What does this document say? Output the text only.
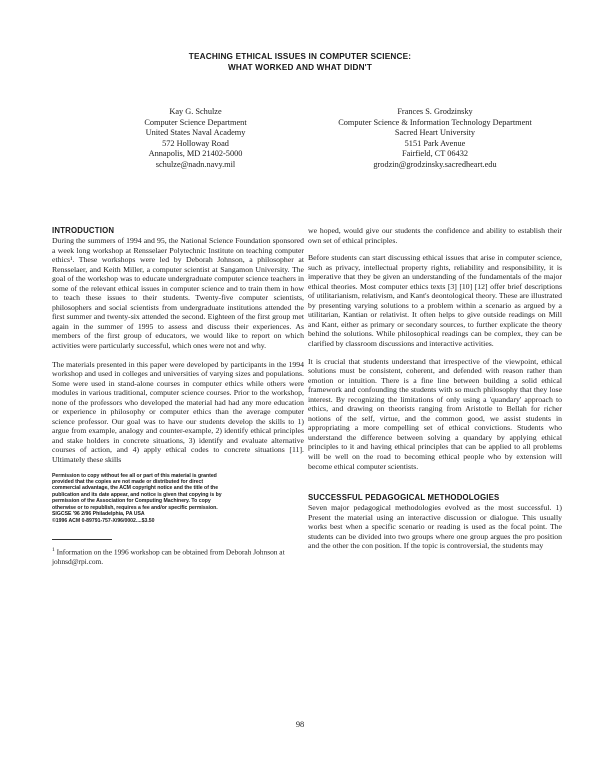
TEACHING ETHICAL ISSUES IN COMPUTER SCIENCE:
WHAT WORKED AND WHAT DIDN'T
Kay G. Schulze
Computer Science Department
United States Naval Academy
572 Holloway Road
Annapolis, MD 21402-5000
schulze@nadn.navy.mil
Frances S. Grodzinsky
Computer Science & Information Technology Department
Sacred Heart University
5151 Park Avenue
Fairfield, CT 06432
grodzin@grodzinsky.sacredheart.edu
INTRODUCTION

During the summers of 1994 and 95, the National Science Foundation sponsored a week long workshop at Rensselaer Polytechnic Institute on teaching computer ethics¹. These workshops were led by Deborah Johnson, a philosopher at Rensselaer, and Keith Miller, a computer scientist at Sangamon University. The goal of the workshop was to educate undergraduate computer science teachers in some of the relevant ethical issues in computer science and to train them in how to teach these issues to their students. Twenty-five computer scientists, philosophers and social scientists from undergraduate institutions attended the first summer and twenty-six attended the second. Eighteen of the first group met again in the summer of 1995 to assess and discuss their experiences. As members of the first group of educators, we would like to report on which activities were particularly successful, which ones were not and why.

The materials presented in this paper were developed by participants in the 1994 workshop and used in colleges and universities of varying sizes and populations. Some were used in stand-alone courses in computer ethics while others were modules in various traditional, computer science courses. Prior to the workshop, none of the professors who developed the material had had any more education or experience in philosophy or computer ethics than the average computer science professor. Our goal was to have our students develop the skills to 1) argue from example, analogy and counter-example, 2) identify ethical principles and stake holders in concrete situations, 3) identify and evaluate alternative courses of action, and 4) apply ethical codes to concrete situations [11]. Ultimately these skills

Permission to copy without fee all or part of this material is granted
provided that the copies are not made or distributed for direct
commercial advantage, the ACM copyright notice and the title of the
publication and its date appear, and notice is given that copying is by
permission of the Association for Computing Machinery. To copy
otherwise or to republish, requires a fee and/or specific permission.
SIGCSE '96 2/96 Philadelphia, PA USA
©1996 ACM 0-89791-757-X/96/0002....$3.50
$^1$ Information on the 1996 workshop can be obtained from Deborah Johnson at johnsd@rpi.com.

we hoped, would give our students the confidence and ability to establish their own set of ethical principles.

Before students can start discussing ethical issues that arise in computer science, such as privacy, intellectual property rights, reliability and responsibility, it is imperative that they be given an understanding of the fundamentals of the major ethical theories. Most computer ethics texts [3] [10] [12] offer brief descriptions of utilitarianism, relativism, and Kant's deontological theory. These are illustrated by presenting varying solutions to a problem within a scenario as argued by a utilitarian, Kantian or relativist. It often helps to give outside readings on Mill and Kant, either as primary or secondary sources, to further explicate the theory behind the solutions. While philosophical readings can be complex, they can be clarified by classroom discussions and interactive activities.

It is crucial that students understand that irrespective of the viewpoint, ethical solutions must be consistent, coherent, and defended with reason rather than emotion or intuition. There is a fine line between building a solid ethical framework and confounding the students with so much philosophy that they lose interest. By recognizing the limitations of only using a 'quandary' approach to ethics, and drawing on theorists ranging from Aristotle to Bellah for richer notions of the self, virtue, and the common good, we assist students in appropriating a more compelling set of ethical convictions. Students who understand the difference between solving a quandary by applying ethical principles to it and having ethical principles that can be applied to all problems will be well on the road to becoming ethical people who by extension will become ethical computer scientists.

SUCCESSFUL PEDAGOGICAL METHODOLOGIES

Seven major pedagogical methodologies evolved as the most successful. 1) Present the material using an interactive discussion or dialogue. This usually works best when a specific scenario or reading is used as the focal point. The students can be divided into two groups where one group argues the pro position and the other the con position. If the topic is controversial, the students may

98
